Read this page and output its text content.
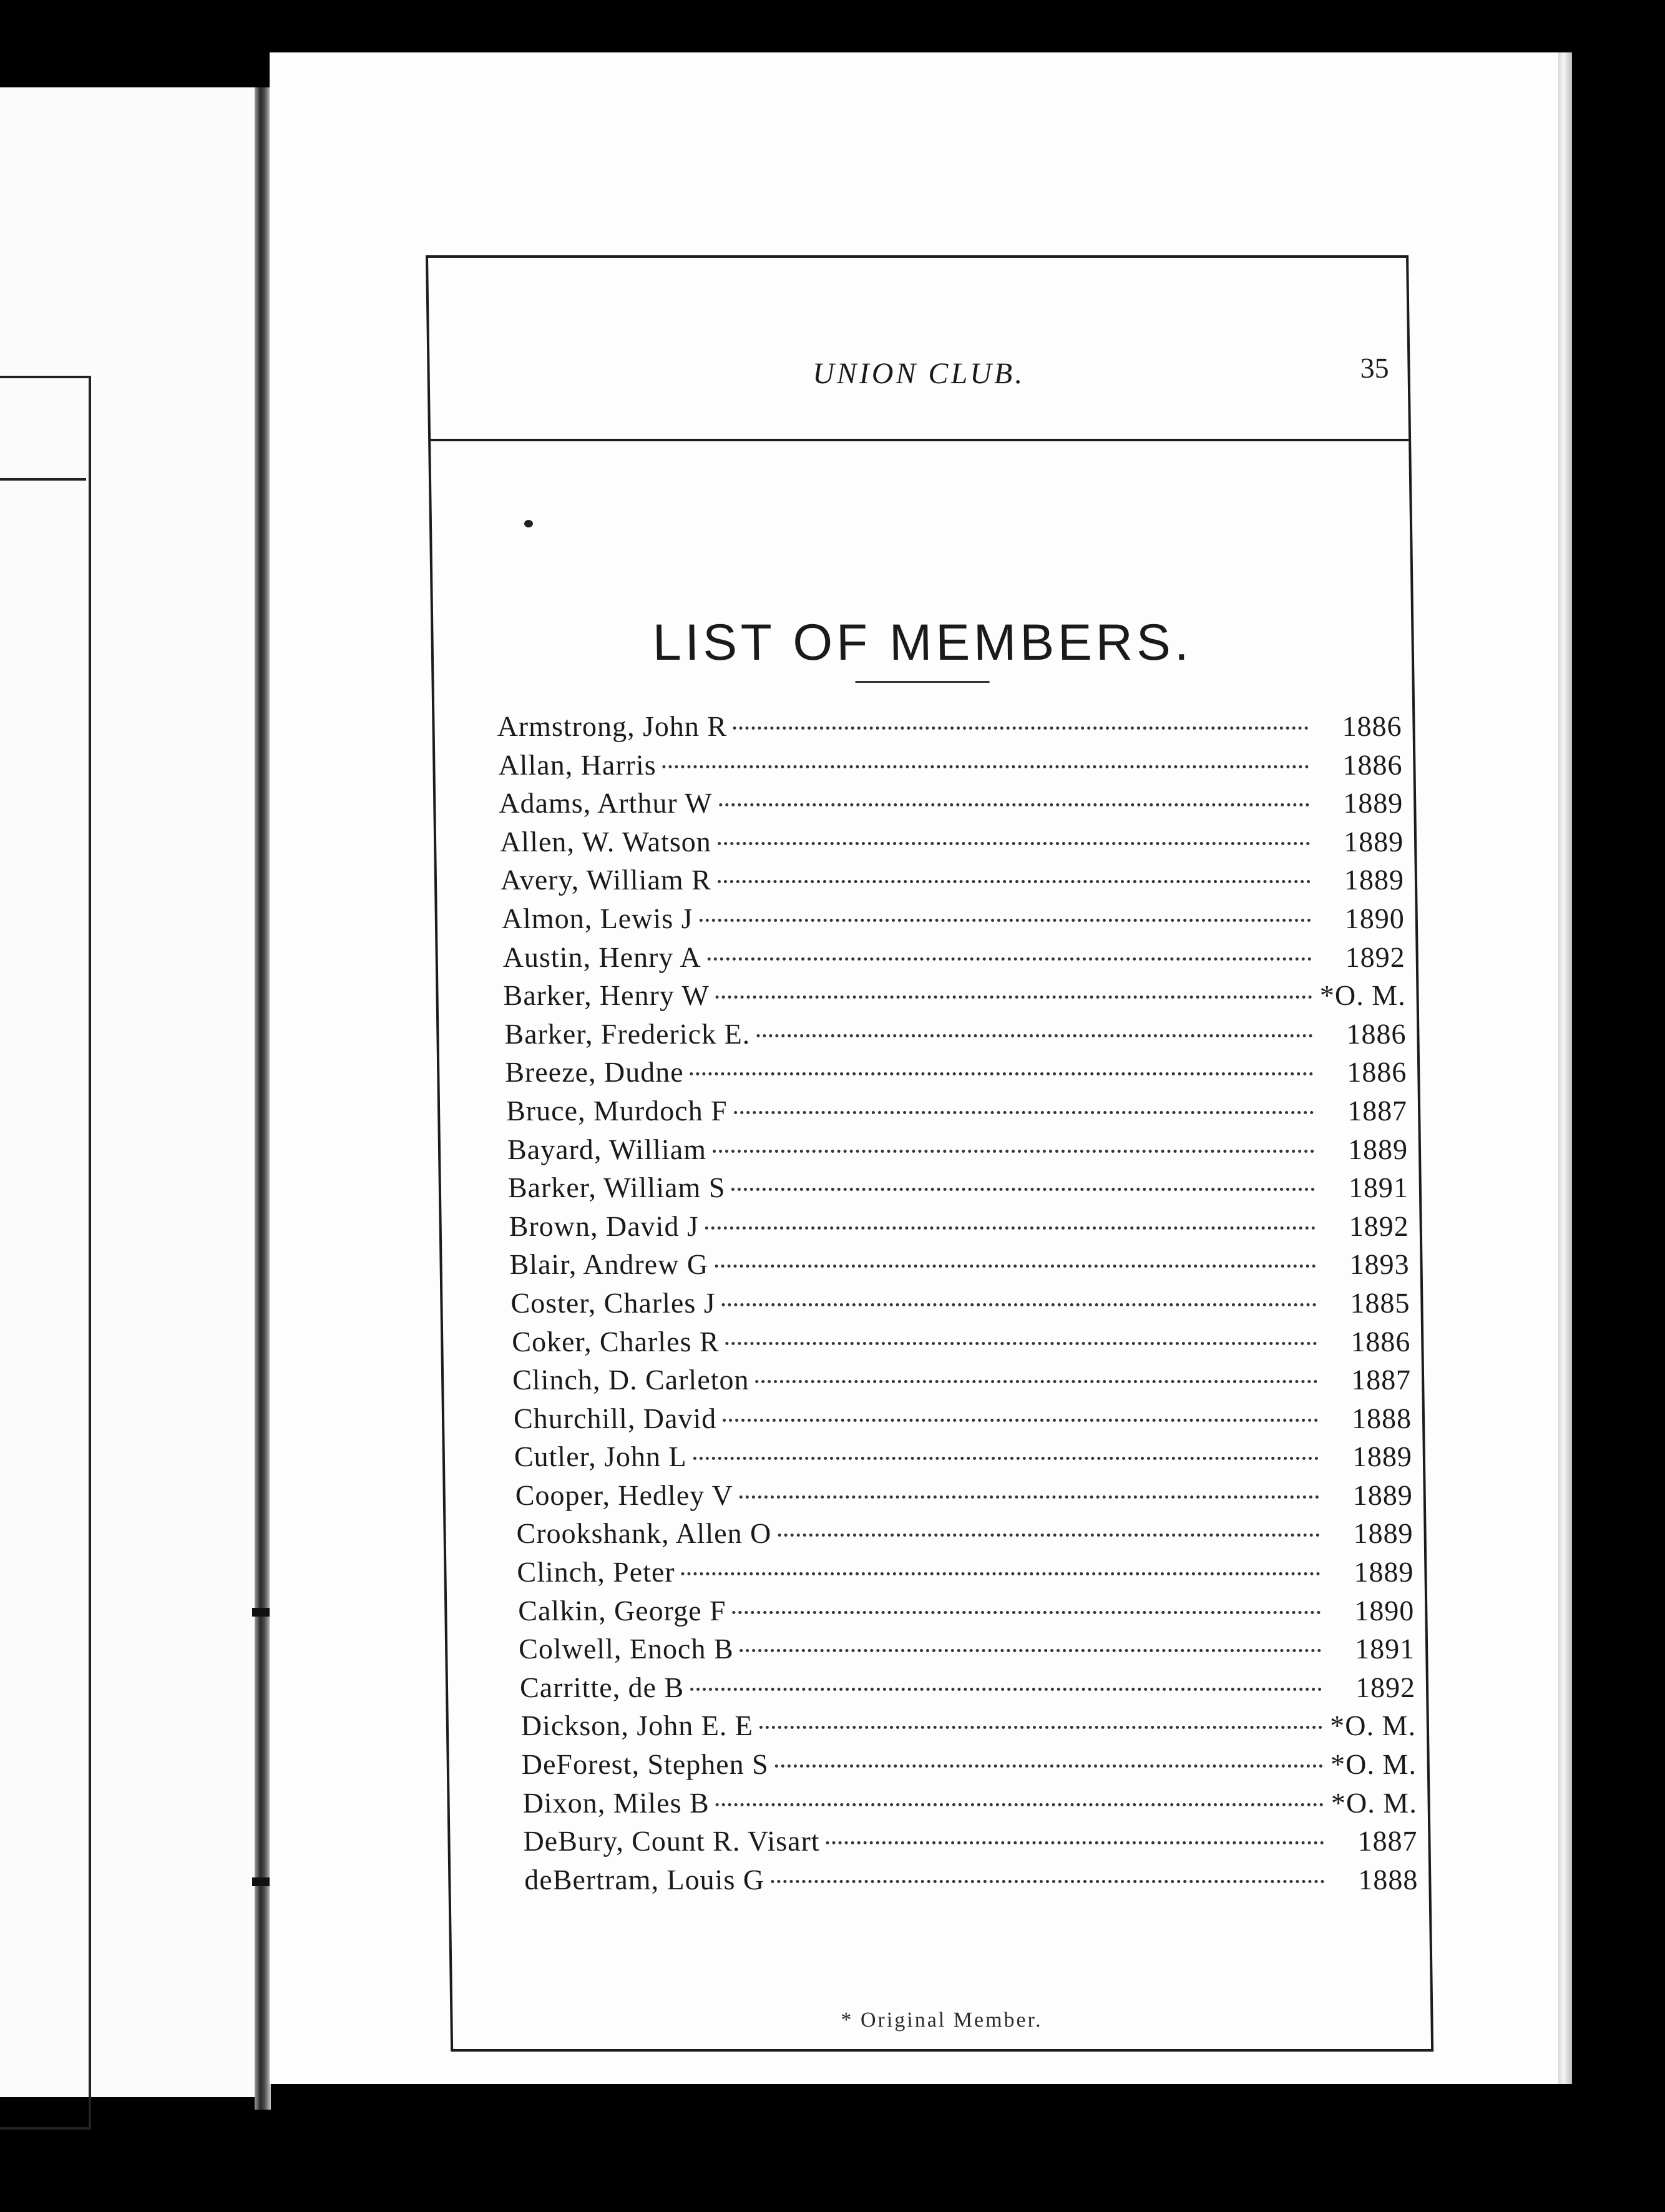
UNION CLUB.	35
LIST OF MEMBERS.
Armstrong, John R	1886
Allan, Harris	1886
Adams, Arthur W	1889
Allen, W. Watson	1889
Avery, William R	1889
Almon, Lewis J	1890
Austin, Henry A	1892
Barker, Henry W	*O. M.
Barker, Frederick E.	1886
Breeze, Dudne	1886
Bruce, Murdoch F	1887
Bayard, William	1889
Barker, William S	1891
Brown, David J	1892
Blair, Andrew G	1893
Coster, Charles J	1885
Coker, Charles R	1886
Clinch, D. Carleton	1887
Churchill, David	1888
Cutler, John L	1889
Cooper, Hedley V	1889
Crookshank, Allen O	1889
Clinch, Peter	1889
Calkin, George F	1890
Colwell, Enoch B	1891
Carritte, de B	1892
Dickson, John E. E	*O. M.
DeForest, Stephen S	*O. M.
Dixon, Miles B	*O. M.
DeBury, Count R. Visart	1887
deBertram, Louis G	1888
* Original Member.
